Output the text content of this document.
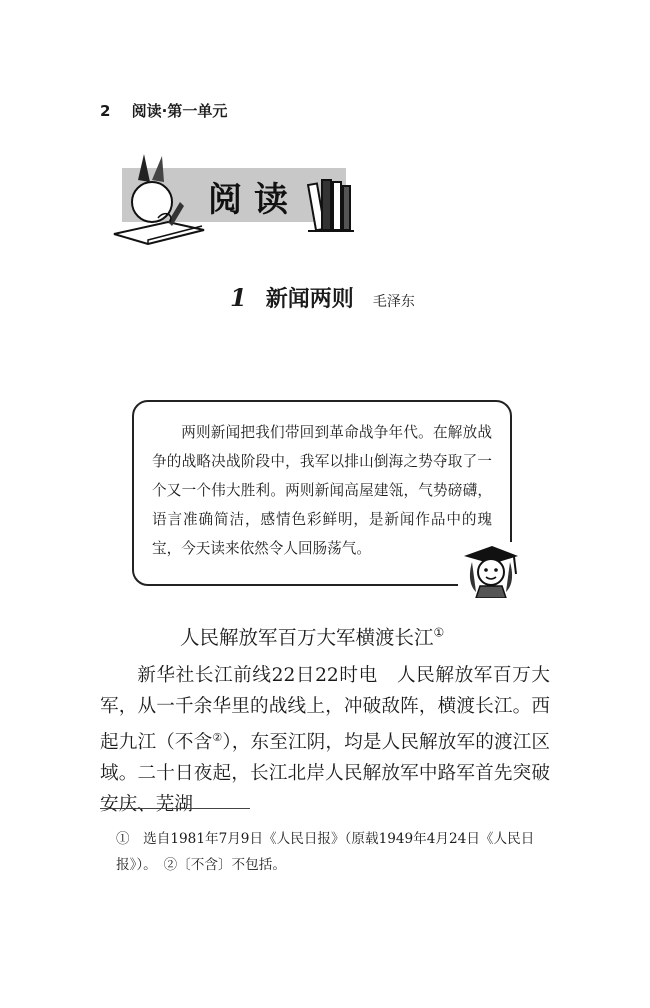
2 阅读·第一单元
阅读
1 新闻两则 毛泽东

两则新闻把我们带回到革命战争年代。在解放战争的战略决战阶段中，我军以排山倒海之势夺取了一个又一个伟大胜利。两则新闻高屋建瓴，气势磅礴，语言准确简洁，感情色彩鲜明，是新闻作品中的瑰宝，今天读来依然令人回肠荡气。

人民解放军百万大军横渡长江①

新华社长江前线22日22时电　人民解放军百万大军，从一千余华里的战线上，冲破敌阵，横渡长江。西起九江（不含②），东至江阴，均是人民解放军的渡江区域。二十日夜起，长江北岸人民解放军中路军首先突破安庆、芜湖

①　选自1981年7月9日《人民日报》（原载1949年4月24日《人民日报》）。　 ②〔不含〕不包括。
